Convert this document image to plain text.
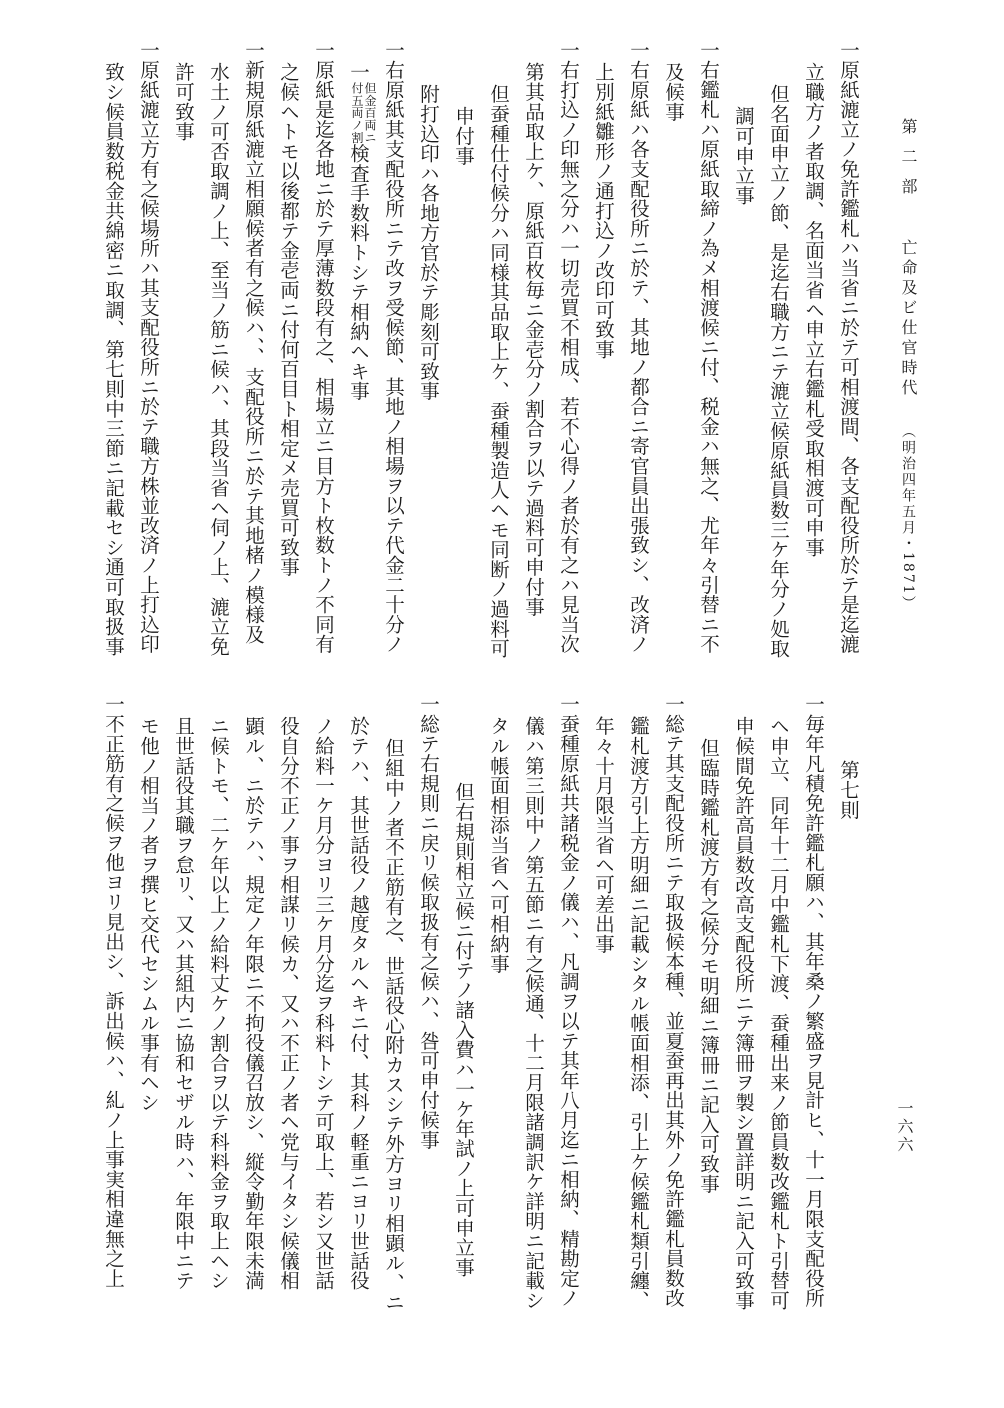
第二部 亡命及ビ仕官時代 （明治四年五月・1871）
一六六
一原紙漉立ノ免許鑑札ハ当省ニ於テ可相渡間、各支配役所於テ是迄漉
立職方ノ者取調、名面当省ヘ申立右鑑札受取相渡可申事
但名面申立ノ節、是迄右職方ニテ漉立候原紙員数三ケ年分ノ処取
調可申立事
一右鑑札ハ原紙取締ノ為メ相渡候ニ付、税金ハ無之、尤年々引替ニ不
及候事
一右原紙ハ各支配役所ニ於テ、其地ノ都合ニ寄官員出張致シ、改済ノ
上別紙雛形ノ通打込ノ改印可致事
一右打込ノ印無之分ハ一切売買不相成、若不心得ノ者於有之ハ見当次
第其品取上ケ、原紙百枚毎ニ金壱分ノ割合ヲ以テ過料可申付事
但蚕種仕付候分ハ同様其品取上ケ、蚕種製造人ヘモ同断ノ過料可
申付事
附打込印ハ各地方官於テ彫刻可致事
一右原紙其支配役所ニテ改ヲ受候節、其地ノ相場ヲ以テ代金二十分ノ
一但金百両ニ
付五両ノ割検査手数料トシテ相納ヘキ事
一原紙是迄各地ニ於テ厚薄数段有之、相場立ニ目方ト枚数トノ不同有
之候ヘトモ以後都テ金壱両ニ付何百目ト相定メ売買可致事
一新規原紙漉立相願候者有之候ハ、、支配役所ニ於テ其地楮ノ模様及
水土ノ可否取調ノ上、至当ノ筋ニ候ハ、其段当省ヘ伺ノ上、漉立免
許可致事
一原紙漉立方有之候場所ハ其支配役所ニ於テ職方株並改済ノ上打込印
致シ候員数税金共綿密ニ取調、第七則中三節ニ記載セシ通可取扱事
第七則
一毎年凡積免許鑑札願ハ、其年桑ノ繁盛ヲ見計ヒ、十一月限支配役所
ヘ申立、同年十二月中鑑札下渡、蚕種出来ノ節員数改鑑札ト引替可
申候間免許高員数改高支配役所ニテ簿冊ヲ製シ置詳明ニ記入可致事
但臨時鑑札渡方有之候分モ明細ニ簿冊ニ記入可致事
一総テ其支配役所ニテ取扱候本種、並夏蚕再出其外ノ免許鑑札員数改
鑑札渡方引上方明細ニ記載シタル帳面相添、引上ケ候鑑札類引纏、
年々十月限当省ヘ可差出事
一蚕種原紙共諸税金ノ儀ハ、凡調ヲ以テ其年八月迄ニ相納、精勘定ノ
儀ハ第三則中ノ第五節ニ有之候通、十二月限諸調訳ケ詳明ニ記載シ
タル帳面相添当省ヘ可相納事
但右規則相立候ニ付テノ諸入費ハ一ケ年試ノ上可申立事
一総テ右規則ニ戻リ候取扱有之候ハ、咎可申付候事
但組中ノ者不正筋有之、世話役心附カスシテ外方ヨリ相顕ル、ニ
於テハ、其世話役ノ越度タルヘキニ付、其科ノ軽重ニヨリ世話役
ノ給料一ケ月分ヨリ三ケ月分迄ヲ科料トシテ可取上、若シ又世話
役自分不正ノ事ヲ相謀リ候カ、又ハ不正ノ者ヘ党与イタシ候儀相
顕ル、ニ於テハ、規定ノ年限ニ不拘役儀召放シ、縦令勤年限未満
ニ候トモ、二ケ年以上ノ給料丈ケノ割合ヲ以テ科料金ヲ取上ヘシ
且世話役其職ヲ怠リ、又ハ其組内ニ協和セザル時ハ、年限中ニテ
モ他ノ相当ノ者ヲ撰ヒ交代セシムル事有ヘシ
一不正筋有之候ヲ他ヨリ見出シ、訴出候ハ、糺ノ上事実相違無之上
